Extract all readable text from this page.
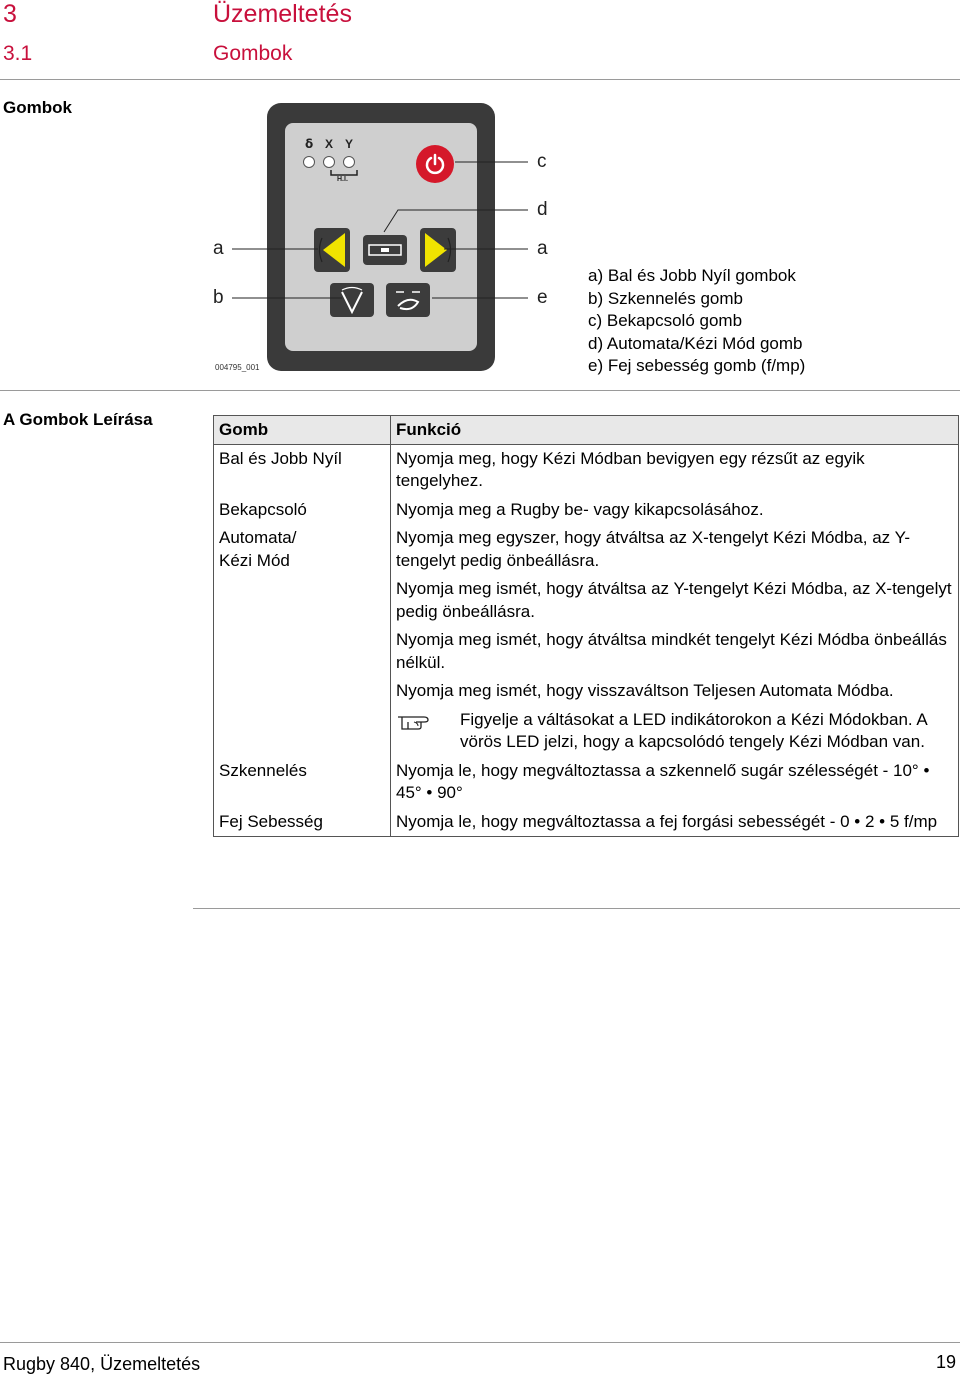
3	Üzemeltetés
3.1	Gombok
Gombok
ẟ X Y
H.I.
004795_001
a
b
c
d
a
e
a) Bal és Jobb Nyíl gombok
b) Szkennelés gomb
c) Bekapcsoló gomb
d) Automata/Kézi Mód gomb
e) Fej sebesség gomb (f/mp)
A Gombok Leírása
Gomb	Funkció
Bal és Jobb Nyíl	Nyomja meg, hogy Kézi Módban bevigyen egy rézsűt az egyik tengelyhez.
Bekapcsoló	Nyomja meg a Rugby be- vagy kikapcsolásához.

Automata/
Kézi Mód	Nyomja meg egyszer, hogy átváltsa az X-tengelyt Kézi Módba, az Y-tengelyt pedig önbeállásra.
	Nyomja meg ismét, hogy átváltsa az Y-tengelyt Kézi Módba, az X-tengelyt pedig önbeállásra.
	Nyomja meg ismét, hogy átváltsa mindkét tengelyt Kézi Módba önbeállás nélkül.
	Nyomja meg ismét, hogy visszaváltson Teljesen Automata Módba.

	Figyelje a váltásokat a LED indikátorokon a Kézi Módokban. A vörös LED jelzi, hogy a kapcsolódó tengely Kézi Módban van.

Szkennelés	Nyomja le, hogy megváltoztassa a szkennelő sugár szélességét - 10° • 45° • 90°
Fej Sebesség	Nyomja le, hogy megváltoztassa a fej forgási sebességét - 0 • 2 • 5 f/mp
Rugby 840, Üzemeltetés	19
